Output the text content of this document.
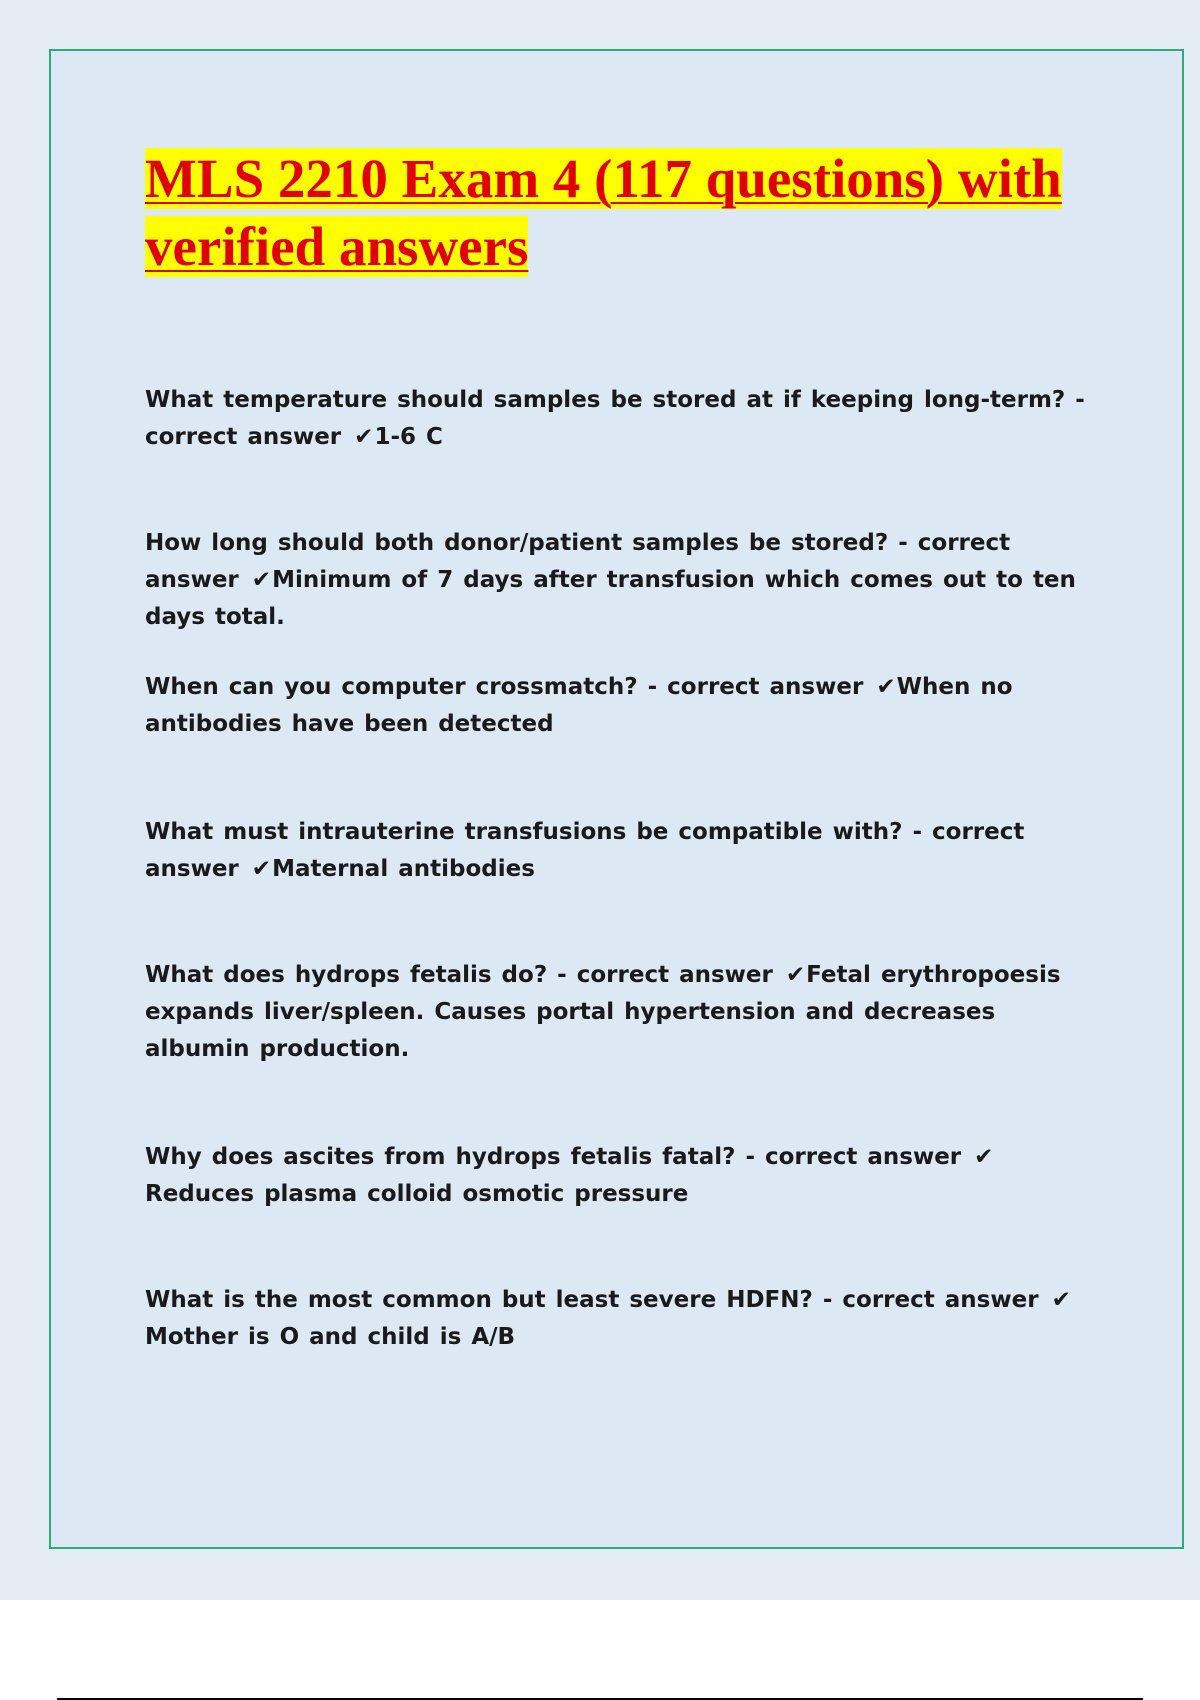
MLS 2210 Exam 4 (117 questions) with verified answers

What temperature should samples be stored at if keeping long-term? - correct answer ✔1-6 C

How long should both donor/patient samples be stored? - correct answer ✔Minimum of 7 days after transfusion which comes out to ten days total.

When can you computer crossmatch? - correct answer ✔When no antibodies have been detected

What must intrauterine transfusions be compatible with? - correct answer ✔Maternal antibodies

What does hydrops fetalis do? - correct answer ✔Fetal erythropoesis expands liver/spleen. Causes portal hypertension and decreases albumin production.

Why does ascites from hydrops fetalis fatal? - correct answer ✔Reduces plasma colloid osmotic pressure

What is the most common but least severe HDFN? - correct answer ✔Mother is O and child is A/B
